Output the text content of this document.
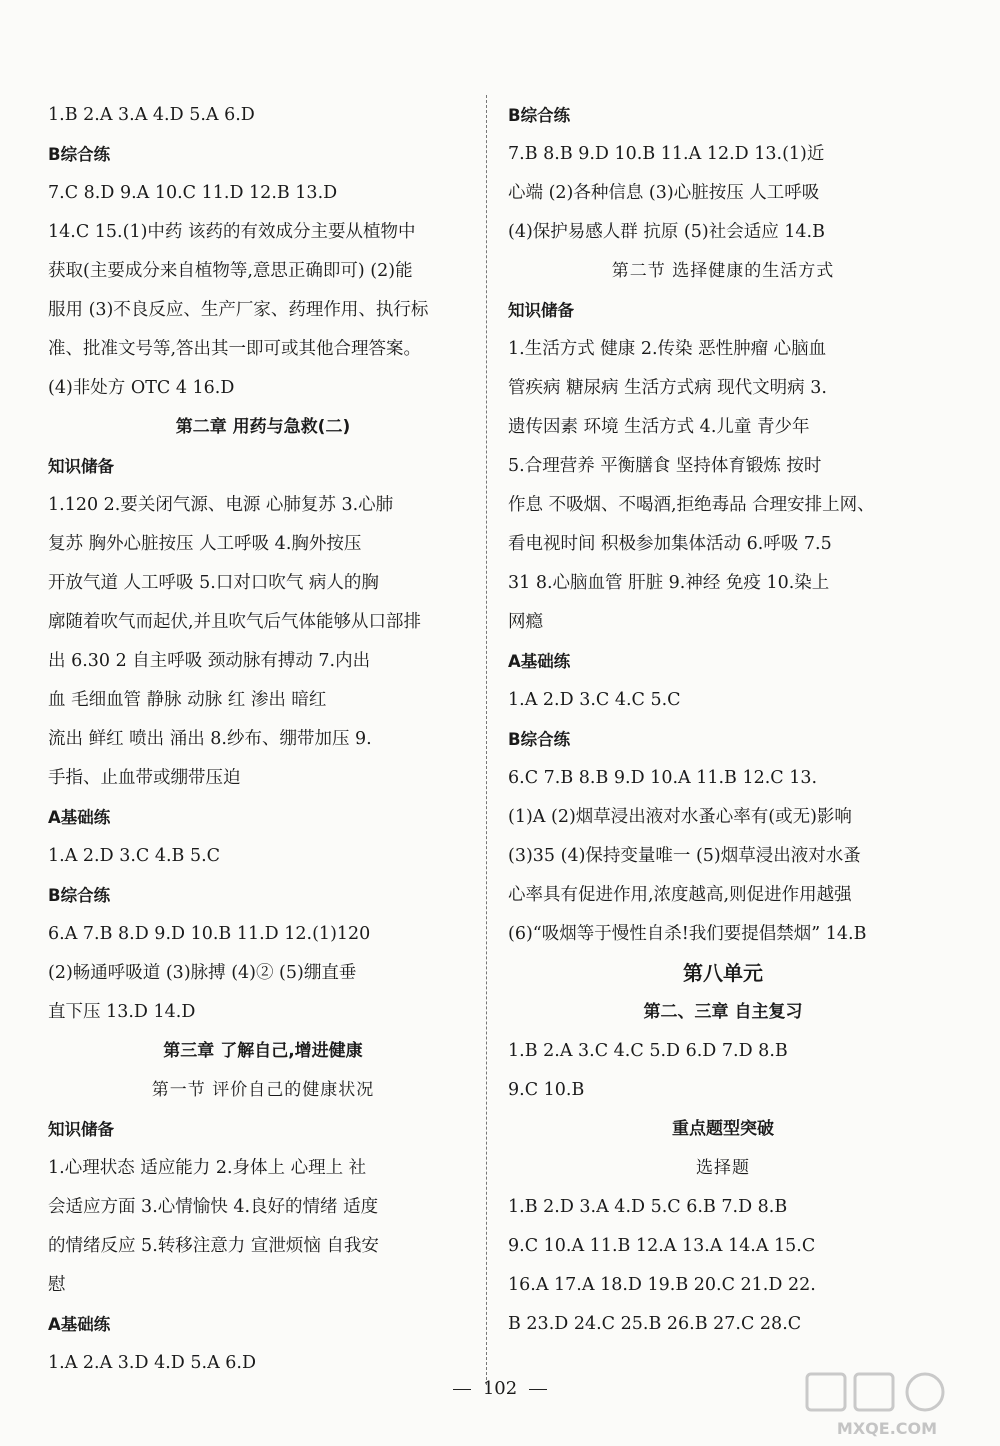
1.B 2.A 3.A 4.D 5.A 6.D
B综合练
7.C 8.D 9.A 10.C 11.D 12.B 13.D
14.C 15.(1)中药 该药的有效成分主要从植物中
获取(主要成分来自植物等,意思正确即可) (2)能
服用 (3)不良反应、生产厂家、药理作用、执行标
准、批准文号等,答出其一即可或其他合理答案。
(4)非处方 OTC 4 16.D
第二章 用药与急救(二)
知识储备
1.120 2.要关闭气源、电源 心肺复苏 3.心肺
复苏 胸外心脏按压 人工呼吸 4.胸外按压
开放气道 人工呼吸 5.口对口吹气 病人的胸
廓随着吹气而起伏,并且吹气后气体能够从口部排
出 6.30 2 自主呼吸 颈动脉有搏动 7.内出
血 毛细血管 静脉 动脉 红 渗出 暗红
流出 鲜红 喷出 涌出 8.纱布、绷带加压 9.
手指、止血带或绷带压迫
A基础练
1.A 2.D 3.C 4.B 5.C
B综合练
6.A 7.B 8.D 9.D 10.B 11.D 12.(1)120
(2)畅通呼吸道 (3)脉搏 (4)② (5)绷直垂
直下压 13.D 14.D
第三章 了解自己,增进健康
第一节 评价自己的健康状况
知识储备
1.心理状态 适应能力 2.身体上 心理上 社
会适应方面 3.心情愉快 4.良好的情绪 适度
的情绪反应 5.转移注意力 宣泄烦恼 自我安
慰
A基础练
1.A 2.A 3.D 4.D 5.A 6.D
B综合练
7.B 8.B 9.D 10.B 11.A 12.D 13.(1)近
心端 (2)各种信息 (3)心脏按压 人工呼吸
(4)保护易感人群 抗原 (5)社会适应 14.B
第二节 选择健康的生活方式
知识储备
1.生活方式 健康 2.传染 恶性肿瘤 心脑血
管疾病 糖尿病 生活方式病 现代文明病 3.
遗传因素 环境 生活方式 4.儿童 青少年
5.合理营养 平衡膳食 坚持体育锻炼 按时
作息 不吸烟、不喝酒,拒绝毒品 合理安排上网、
看电视时间 积极参加集体活动 6.呼吸 7.5
31 8.心脑血管 肝脏 9.神经 免疫 10.染上
网瘾
A基础练
1.A 2.D 3.C 4.C 5.C
B综合练
6.C 7.B 8.B 9.D 10.A 11.B 12.C 13.
(1)A (2)烟草浸出液对水蚤心率有(或无)影响
(3)35 (4)保持变量唯一 (5)烟草浸出液对水蚤
心率具有促进作用,浓度越高,则促进作用越强
(6)“吸烟等于慢性自杀!我们要提倡禁烟” 14.B
第八单元
第二、三章 自主复习
1.B 2.A 3.C 4.C 5.D 6.D 7.D 8.B
9.C 10.B
重点题型突破
选择题
1.B 2.D 3.A 4.D 5.C 6.B 7.D 8.B
9.C 10.A 11.B 12.A 13.A 14.A 15.C
16.A 17.A 18.D 19.B 20.C 21.D 22.
B 23.D 24.C 25.B 26.B 27.C 28.C
102
MXQE.COM
